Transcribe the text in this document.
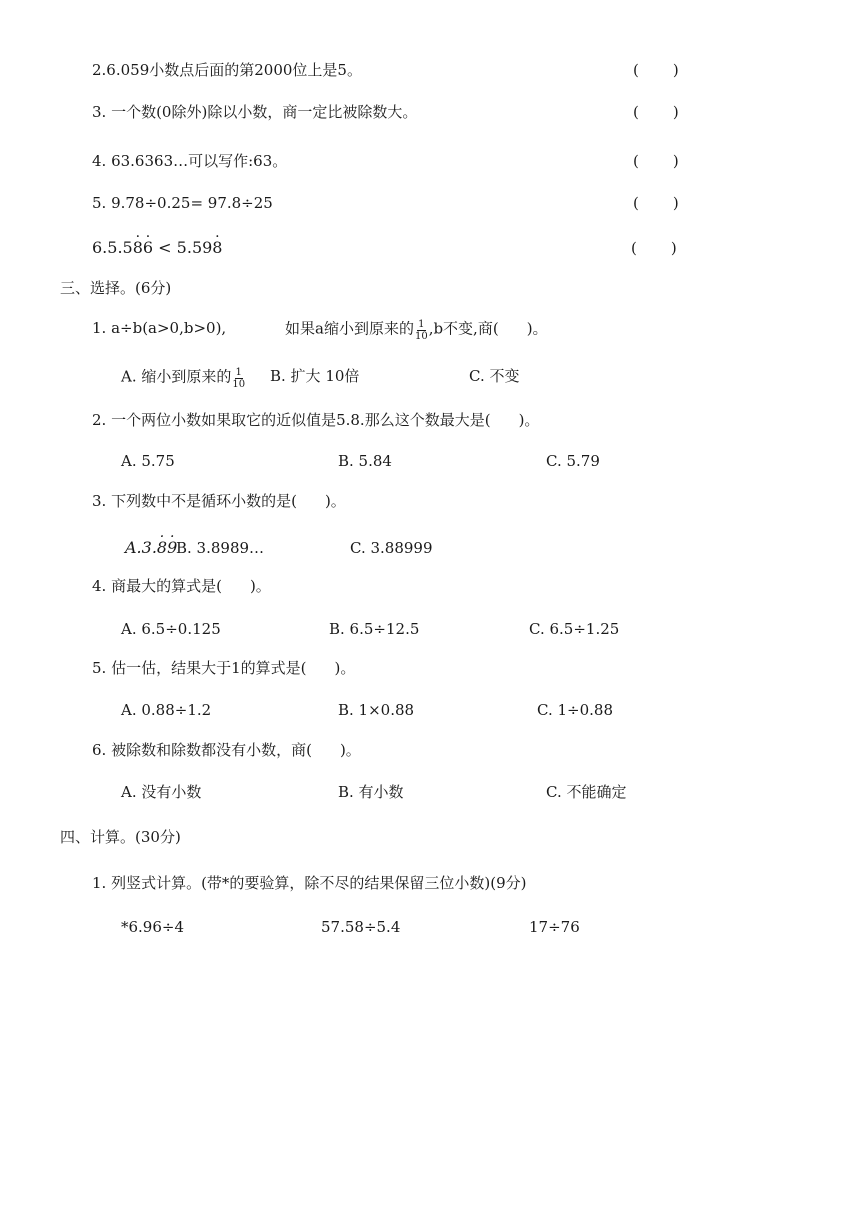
2.6.059小数点后面的第2000位上是5。	( )
3. 一个数(0除外)除以小数，商一定比被除数大。	( )
4. 63.6363…可以写作:63。	( )
5. 9.78÷0.25= 97.8÷25	( )
6.5.58 ·6 · < 5.598 ·	( )
三、选择。(6分)
1. a÷b(a>0,b>0),	如果a缩小到原来的 $\frac{1}{10} ,b$不变,商( )。
A. 缩小到原来的 $\frac{1}{10} B$. 扩大 10倍	C. 不变
2. 一个两位小数如果取它的近似值是5.8.那么这个数最大是( )。
A. 5.75	B. 5.84	C. 5.79
3. 下列数中不是循环小数的是( )。
A.3.8 ·9 ·
B. 3.8989…	C. 3.88999
4. 商最大的算式是( )。
A. 6.5÷0.125	B. 6.5÷12.5	C. 6.5÷1.25
5. 估一估，结果大于1的算式是( )。
A. 0.88÷1.2	B. 1×0.88	C. 1÷0.88
6. 被除数和除数都没有小数，商( )。
A. 没有小数	B. 有小数	C. 不能确定
四、计算。(30分)
1. 列竖式计算。(带*的要验算，除不尽的结果保留三位小数)(9分)
*6.96÷4	57.58÷5.4	17÷76
